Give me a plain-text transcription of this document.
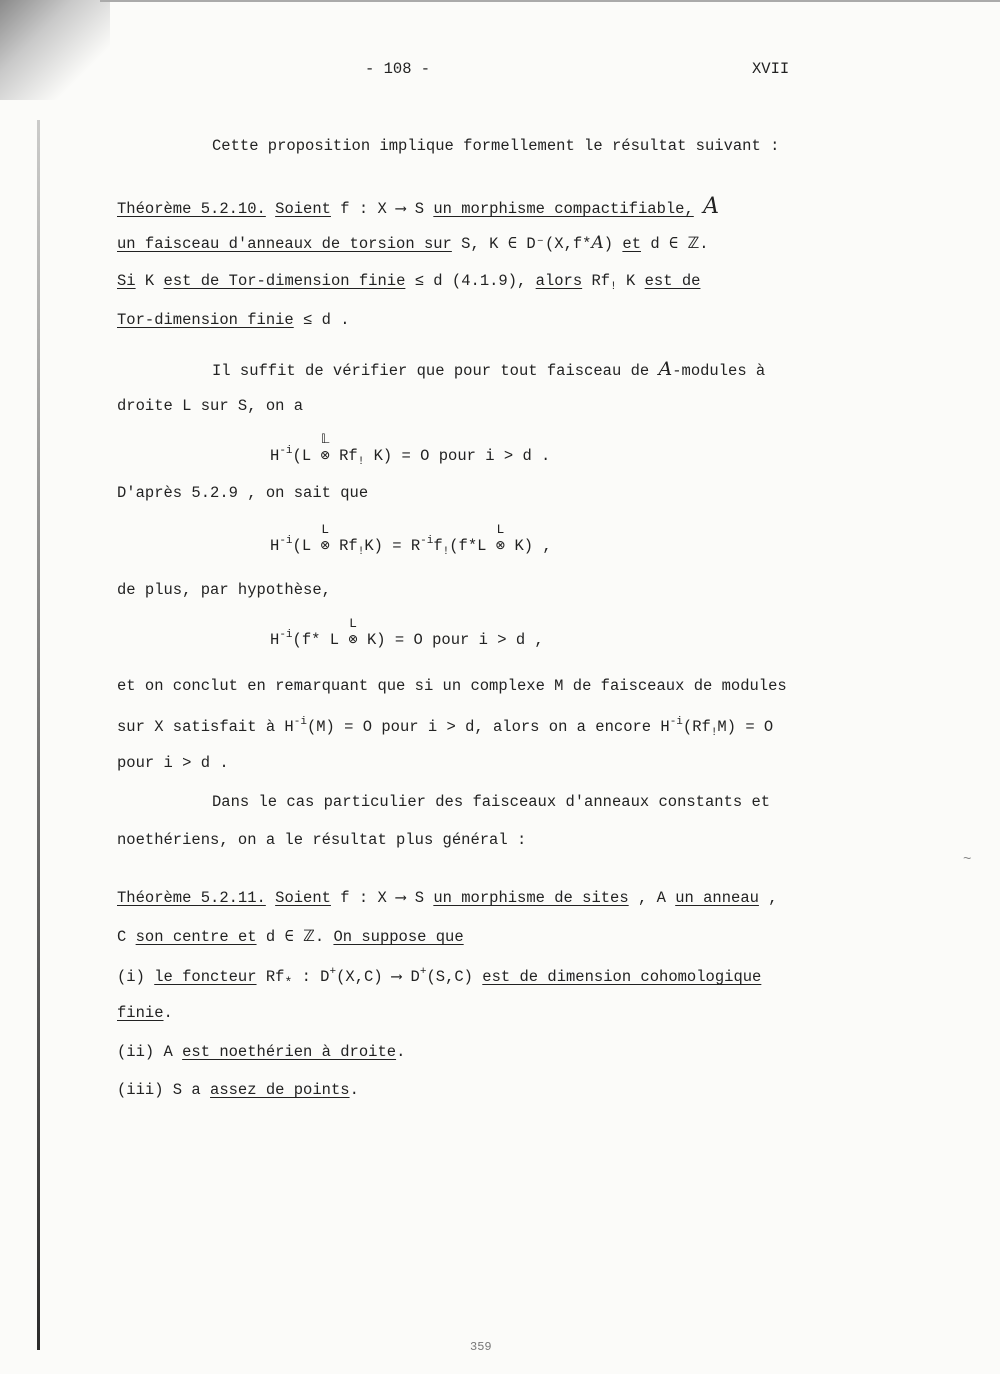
- 108 -	XVII
Cette proposition implique formellement le résultat suivant :
Théorème 5.2.10. Soient f : X ⟶ S un morphisme compactifiable, A
un faisceau d'anneaux de torsion sur S, K ∈ D⁻(X,f*A) et d ∈ ℤ.
Si K est de Tor-dimension finie ≤ d (4.1.9), alors Rf! K est de
Tor-dimension finie ≤ d .
Il suffit de vérifier que pour tout faisceau de A-modules à
droite L sur S, on a
$H^{-i}(L$
𝕃
⊗ $Rf_!$ K) = O pour i > d .
D'après 5.2.9 , on sait que
$H^{-i}(L$
L
⊗ $Rf_!K) = R^{-i}f_!(f*L$
L
⊗ K) ,
de plus, par hypothèse,
$H^{-i}(f*$ L
L
⊗ K) = O pour i > d ,
et on conclut en remarquant que si un complexe M de faisceaux de modules
sur X satisfait à $H^{-i}(M) = O$ pour i > d, alors on a encore $H^{-i}(Rf_!M) = O$
pour i > d .
Dans le cas particulier des faisceaux d'anneaux constants et
noethériens, on a le résultat plus général :
Théorème 5.2.11. Soient f : X ⟶ S un morphisme de sites , A un anneau ,
C son centre et d ∈ ℤ. On suppose que
(i) le foncteur $Rf_*$ : D+(X,C) ⟶ D+(S,C) est de dimension cohomologique
finie.
(ii) A est noethérien à droite.
(iii) S a assez de points.
~
359
